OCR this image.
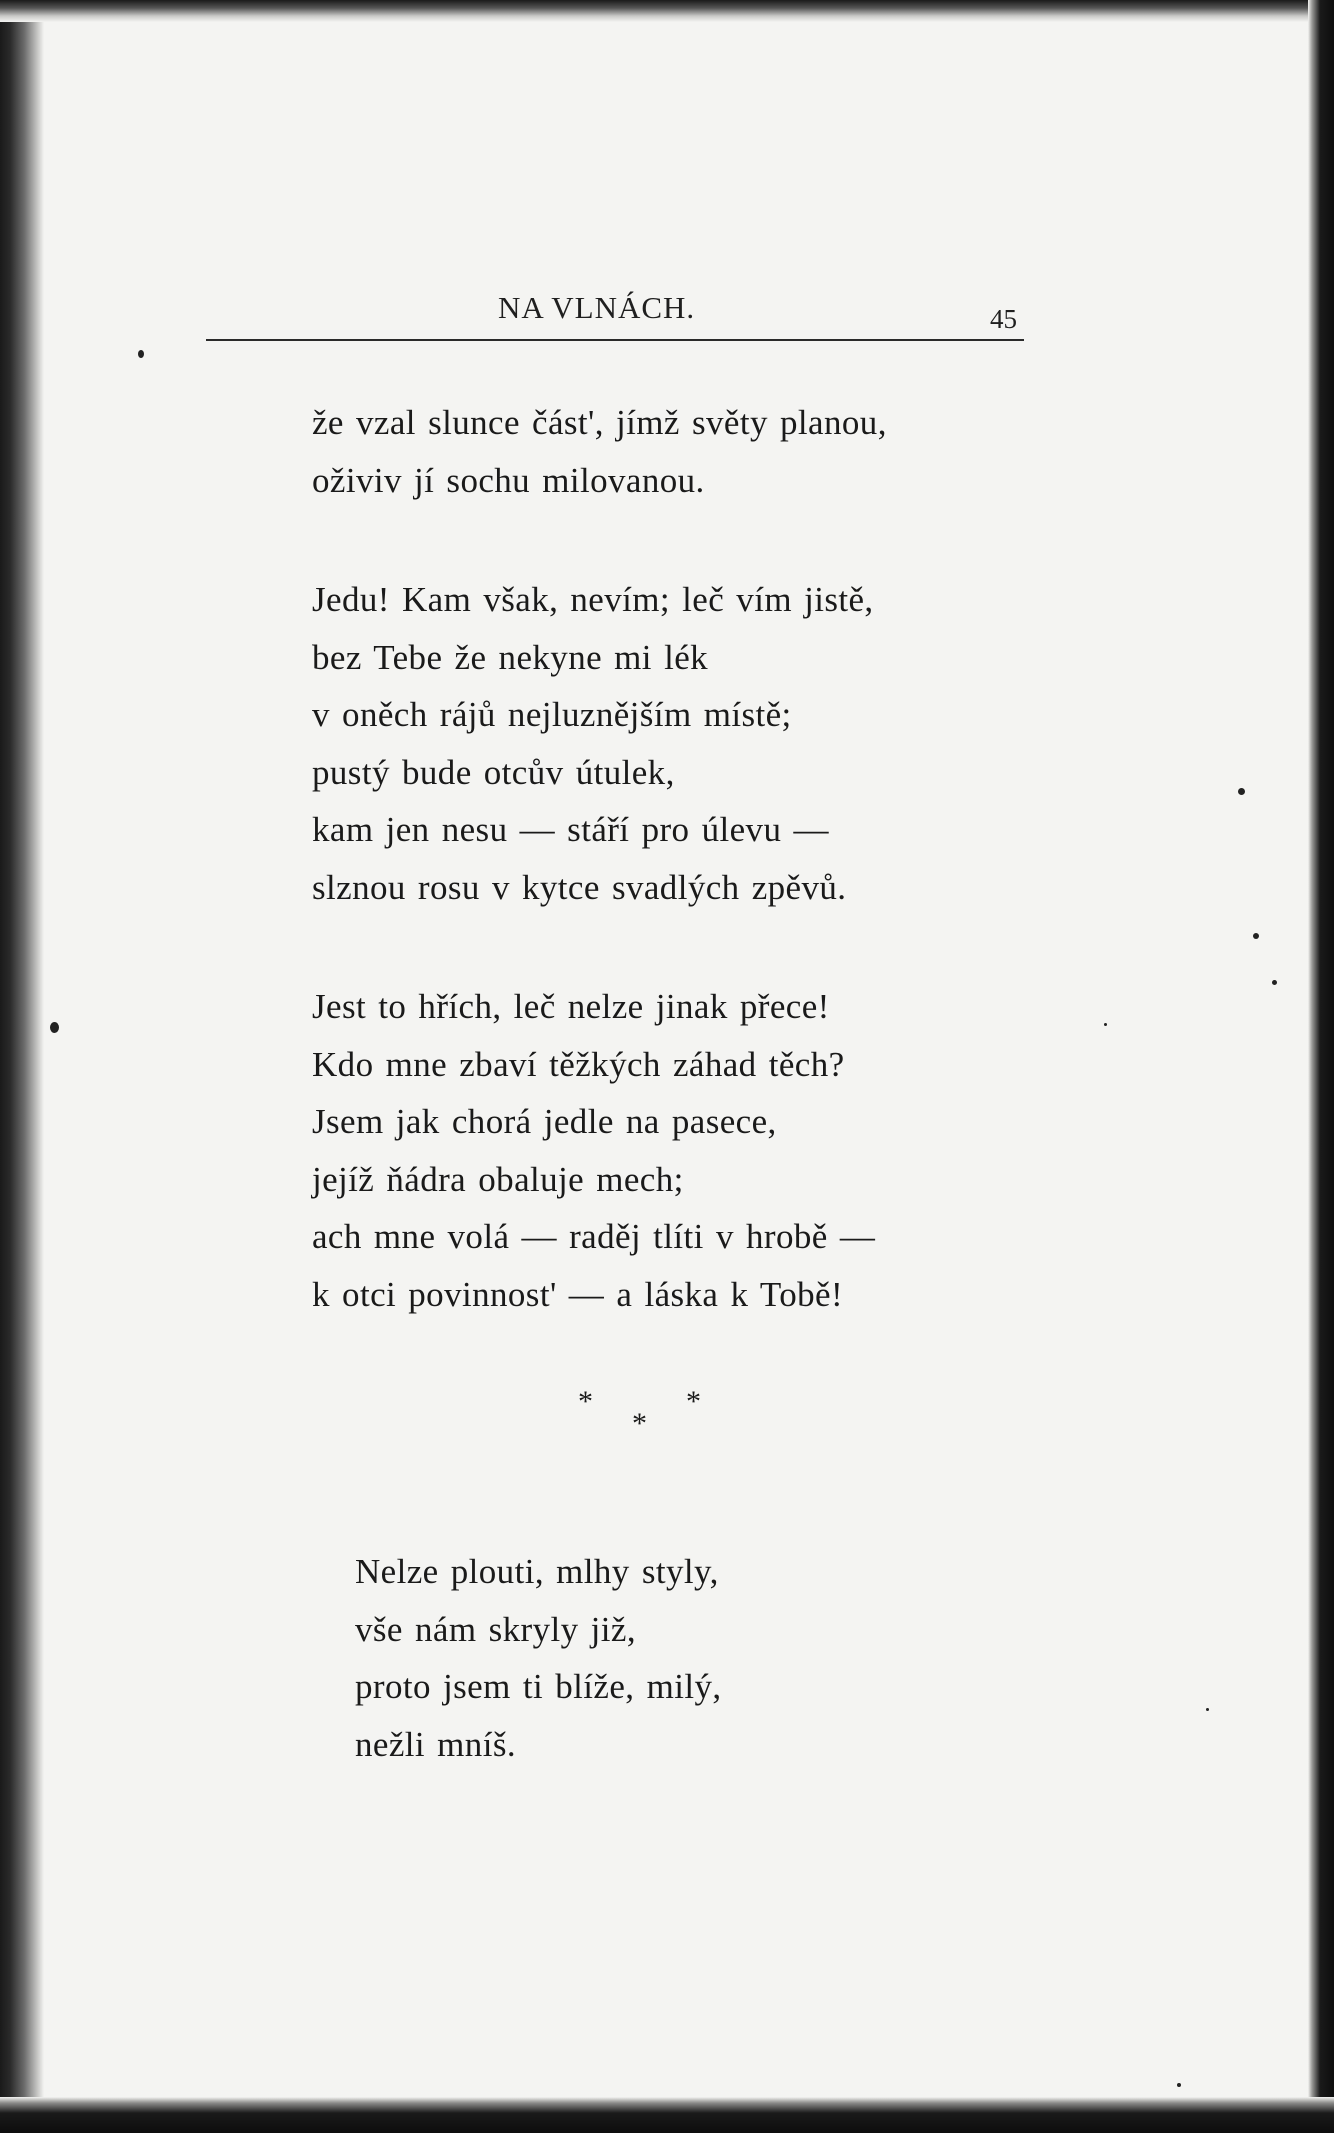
NA VLNÁCH.	45
že vzal slunce část', jímž světy planou,
oživiv jí sochu milovanou.
Jedu! Kam však, nevím; leč vím jistě,
bez Tebe že nekyne mi lék
v oněch rájů nejluznějším místě;
pustý bude otcův útulek,
kam jen nesu — stáří pro úlevu —
slznou rosu v kytce svadlých zpěvů.
Jest to hřích, leč nelze jinak přece!
Kdo mne zbaví těžkých záhad těch?
Jsem jak chorá jedle na pasece,
jejíž ňádra obaluje mech;
ach mne volá — raděj tlíti v hrobě —
k otci povinnost' — a láska k Tobě!
*
*
*
Nelze plouti, mlhy styly,
vše nám skryly již,
proto jsem ti blíže, milý,
nežli mníš.
